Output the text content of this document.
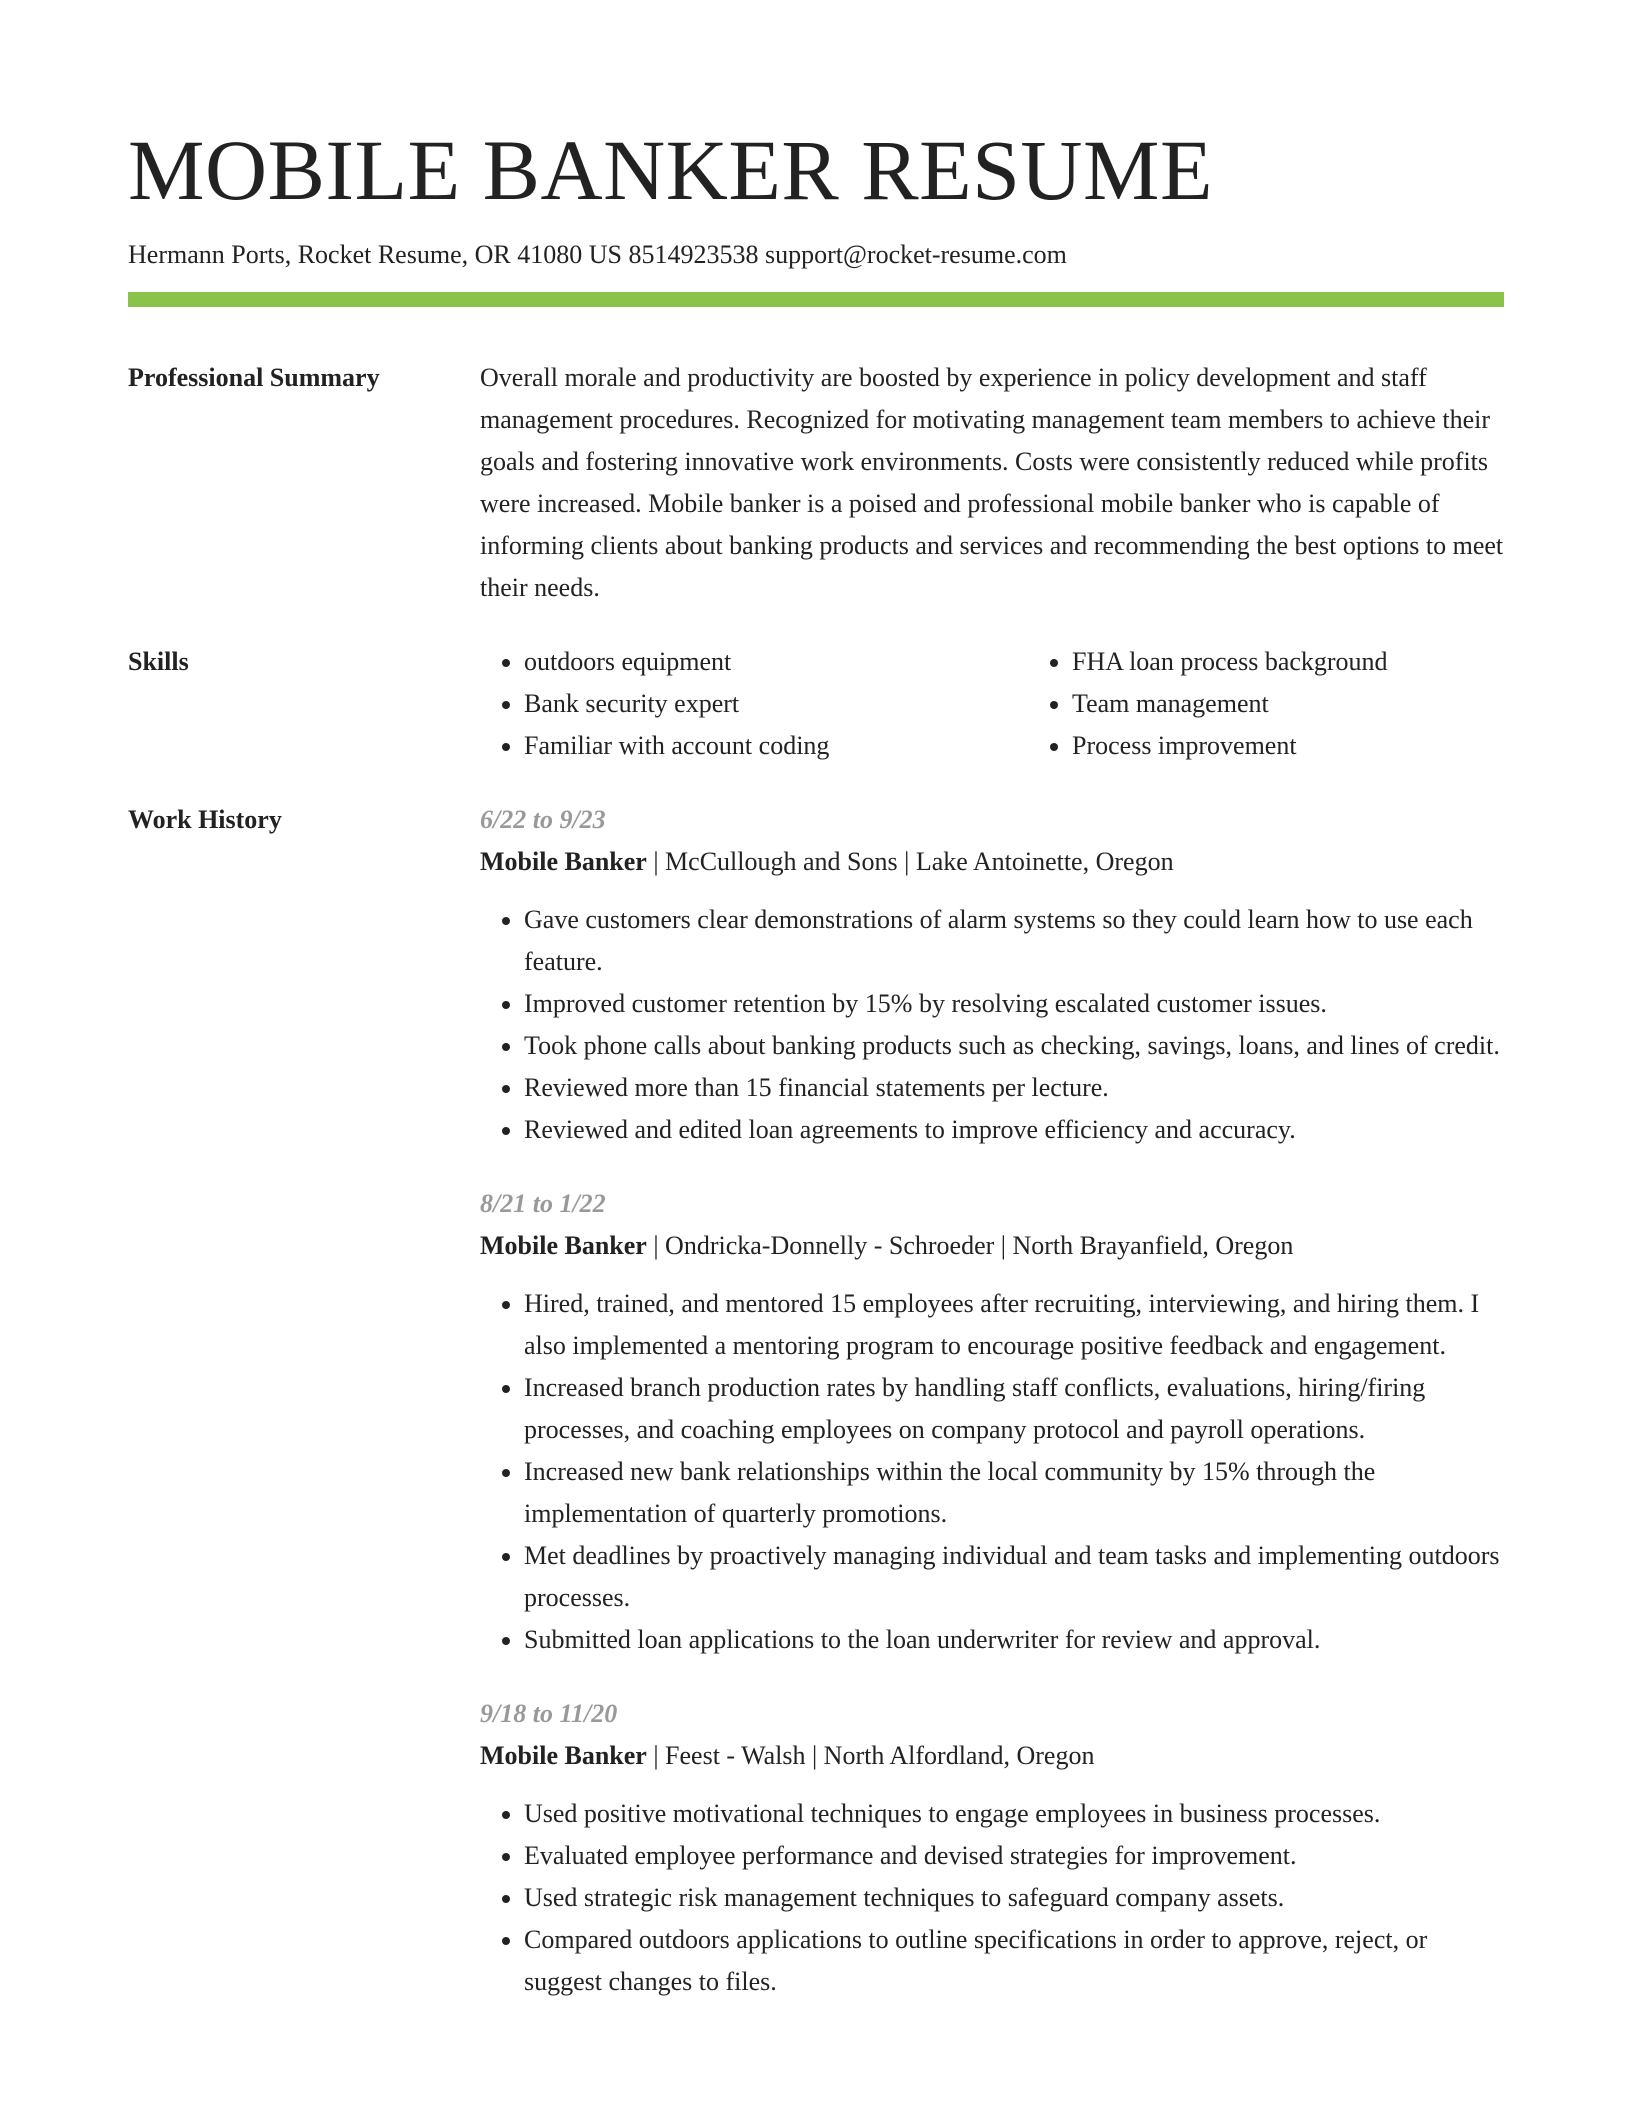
MOBILE BANKER RESUME
Hermann Ports, Rocket Resume, OR 41080 US 8514923538 support@rocket-resume.com
Professional Summary	Overall morale and productivity are boosted by experience in policy development and staff management procedures. Recognized for motivating management team members to achieve their goals and fostering innovative work environments. Costs were consistently reduced while profits were increased. Mobile banker is a poised and professional mobile banker who is capable of informing clients about banking products and services and recommending the best options to meet their needs.

Skills
•	outdoors equipment
• Bank security expert
• Familiar with account coding
• FHA loan process background
• Team management
• Process improvement
Work History	6/22 to 9/23
Mobile Banker | McCullough and Sons | Lake Antoinette, Oregon
• Gave customers clear demonstrations of alarm systems so they could learn how to use each feature.
• Improved customer retention by 15% by resolving escalated customer issues.
• Took phone calls about banking products such as checking, savings, loans, and lines of credit.
• Reviewed more than 15 financial statements per lecture.
• Reviewed and edited loan agreements to improve efficiency and accuracy.
8/21 to 1/22
Mobile Banker | Ondricka-Donnelly - Schroeder | North Brayanfield, Oregon
• Hired, trained, and mentored 15 employees after recruiting, interviewing, and hiring them. I also implemented a mentoring program to encourage positive feedback and engagement.
• Increased branch production rates by handling staff conflicts, evaluations, hiring/firing processes, and coaching employees on company protocol and payroll operations.
• Increased new bank relationships within the local community by 15% through the implementation of quarterly promotions.
• Met deadlines by proactively managing individual and team tasks and implementing outdoors processes.
• Submitted loan applications to the loan underwriter for review and approval.
9/18 to 11/20
Mobile Banker | Feest - Walsh | North Alfordland, Oregon
• Used positive motivational techniques to engage employees in business processes.
• Evaluated employee performance and devised strategies for improvement.
• Used strategic risk management techniques to safeguard company assets.
• Compared outdoors applications to outline specifications in order to approve, reject, or suggest changes to files.
